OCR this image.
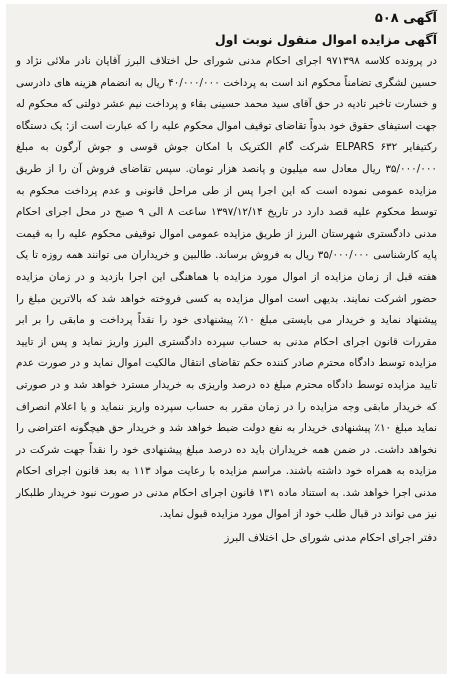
آگهی ۵۰۸
آگهی مزایده اموال منقول نوبت اول

در پرونده کلاسه ۹۷۱۳۹۸ اجرای احکام مدنی شورای حل اختلاف البرز آقایان نادر ملائی نژاد و حسین لشگری تضامناً محکوم اند است به پرداخت ۴۰/۰۰۰/۰۰۰ ریال به انضمام هزینه های دادرسی و خسارت تاخیر تادیه در حق آقای سید محمد حسینی بقاء و پرداخت نیم عشر دولتی که محکوم له جهت استیفای حقوق خود بدواً تقاضای توقیف اموال محکوم علیه را که عبارت است از: یک دستگاه رکتیفایر ELPARS ۶۳۲ شرکت گام الکتریک با امکان جوش قوسی و جوش آرگون به مبلغ ۳۵/۰۰۰/۰۰۰ ریال معادل سه میلیون و پانصد هزار تومان. سپس تقاضای فروش آن را از طریق مزایده عمومی نموده است که این اجرا پس از طی مراحل قانونی و عدم پرداخت محکوم به توسط محکوم علیه قصد دارد در تاریخ ۱۳۹۷/۱۲/۱۴ ساعت ۸ الی ۹ صبح در محل اجرای احکام مدنی دادگستری شهرستان البرز از طریق مزایده عمومی اموال توقیفی محکوم علیه را به قیمت پایه کارشناسی ۳۵/۰۰۰/۰۰۰ ریال به فروش برساند. طالبین و خریداران می توانند همه روزه تا یک هفته قبل از زمان مزایده از اموال مورد مزایده با هماهنگی این اجرا بازدید و در زمان مزایده حضور اشرکت نمایند. بدیهی است اموال مزایده به کسی فروخته خواهد شد که بالاترین مبلغ را پیشنهاد نماید و خریدار می بایستی مبلغ ۱۰٪ پیشنهادی خود را نقداً پرداخت و مابقی را بر ابر مقررات قانون اجرای احکام مدنی به حساب سپرده دادگستری البرز واریز نماید و پس از تایید مزایده توسط دادگاه محترم صادر کننده حکم تقاضای انتقال مالکیت اموال نماید و در صورت عدم تایید مزایده توسط دادگاه محترم مبلغ ده درصد واریزی به خریدار مسترد خواهد شد و در صورتی که خریدار مابقی وجه مزایده را در زمان مقرر به حساب سپرده واریز ننماید و یا اعلام انصراف نماید مبلغ ۱۰٪ پیشنهادی خریدار به نفع دولت ضبط خواهد شد و خریدار حق هیچگونه اعتراضی را نخواهد داشت. در ضمن همه خریداران باید ده درصد مبلغ پیشنهادی خود را نقداً جهت شرکت در مزایده به همراه خود داشته باشند. مراسم مزایده با رعایت مواد ۱۱۳ به بعد قانون اجرای احکام مدنی اجرا خواهد شد. به استناد ماده ۱۳۱ قانون اجرای احکام مدنی در صورت نبود خریدار طلبکار نیز می تواند در قبال طلب خود از اموال مورد مزایده قبول نماید.

دفتر اجرای احکام مدنی شورای حل اختلاف البرز
